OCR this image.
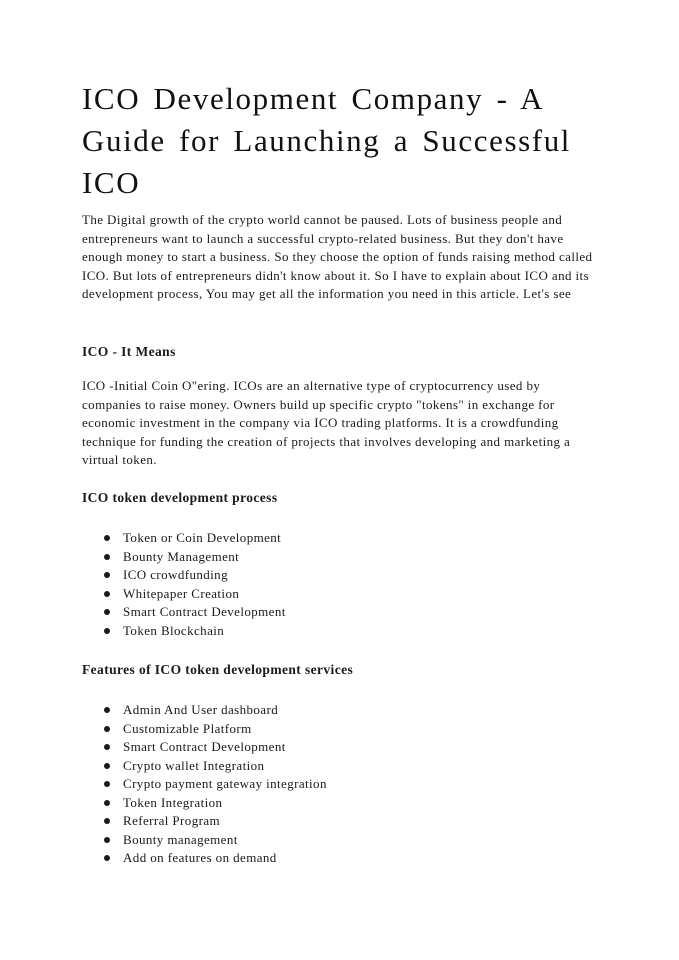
ICO Development Company - A Guide for Launching a Successful ICO

The Digital growth of the crypto world cannot be paused. Lots of business people and entrepreneurs want to launch a successful crypto-related business. But they don't have enough money to start a business. So they choose the option of funds raising method called ICO. But lots of entrepreneurs didn't know about it. So I have to explain about ICO and its development process, You may get all the information you need in this article. Let's see

ICO - It Means

ICO -Initial Coin O"ering. ICOs are an alternative type of cryptocurrency used by companies to raise money. Owners build up specific crypto "tokens" in exchange for economic investment in the company via ICO trading platforms. It is a crowdfunding technique for funding the creation of projects that involves developing and marketing a virtual token.

ICO token development process
Token or Coin Development
Bounty Management
ICO crowdfunding
Whitepaper Creation
Smart Contract Development
Token Blockchain
Features of ICO token development services
Admin And User dashboard
Customizable Platform
Smart Contract Development
Crypto wallet Integration
Crypto payment gateway integration
Token Integration
Referral Program
Bounty management
Add on features on demand
